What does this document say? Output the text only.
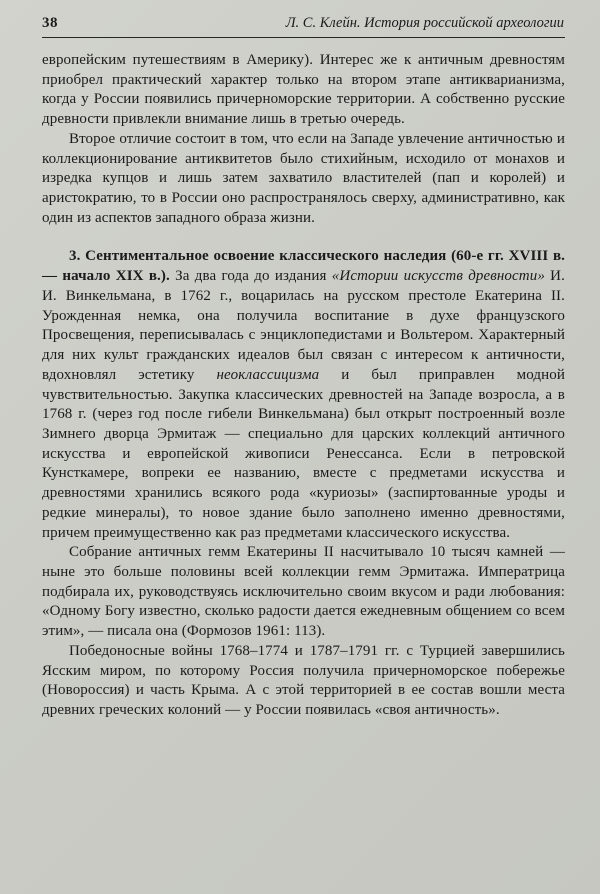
38	Л. С. Клейн. История российской археологии

европейским путешествиям в Америку). Интерес же к античным древностям приобрел практический характер только на втором этапе антикварианизма, когда у России появились причерноморские территории. А собственно русские древности привлекли внимание лишь в третью очередь.

Второе отличие состоит в том, что если на Западе увлечение античностью и коллекционирование антиквитетов было стихийным, исходило от монахов и изредка купцов и лишь затем захватило властителей (пап и королей) и аристократию, то в России оно распространялось сверху, административно, как один из аспектов западного образа жизни.

3. Сентиментальное освоение классического наследия (60-е гг. XVIII в. — начало XIX в.). За два года до издания «Истории искусств древности» И. И. Винкельмана, в 1762 г., воцарилась на русском престоле Екатерина II. Урожденная немка, она получила воспитание в духе французского Просвещения, переписывалась с энциклопедистами и Вольтером. Характерный для них культ гражданских идеалов был связан с интересом к античности, вдохновлял эстетику неоклассицизма и был приправлен модной чувствительностью. Закупка классических древностей на Западе возросла, а в 1768 г. (через год после гибели Винкельмана) был открыт построенный возле Зимнего дворца Эрмитаж — специально для царских коллекций античного искусства и европейской живописи Ренессанса. Если в петровской Кунсткамере, вопреки ее названию, вместе с предметами искусства и древностями хранились всякого рода «куриозы» (заспиртованные уроды и редкие минералы), то новое здание было заполнено именно древностями, причем преимущественно как раз предметами классического искусства.

Собрание античных гемм Екатерины II насчитывало 10 тысяч камней — ныне это больше половины всей коллекции гемм Эрмитажа. Императрица подбирала их, руководствуясь исключительно своим вкусом и ради любования: «Одному Богу известно, сколько радости дается ежедневным общением со всем этим», — писала она (Формозов 1961: 113).

Победоносные войны 1768–1774 и 1787–1791 гг. с Турцией завершились Ясским миром, по которому Россия получила причерноморское побережье (Новороссия) и часть Крыма. А с этой территорией в ее состав вошли места древних греческих колоний — у России появилась «своя античность».
